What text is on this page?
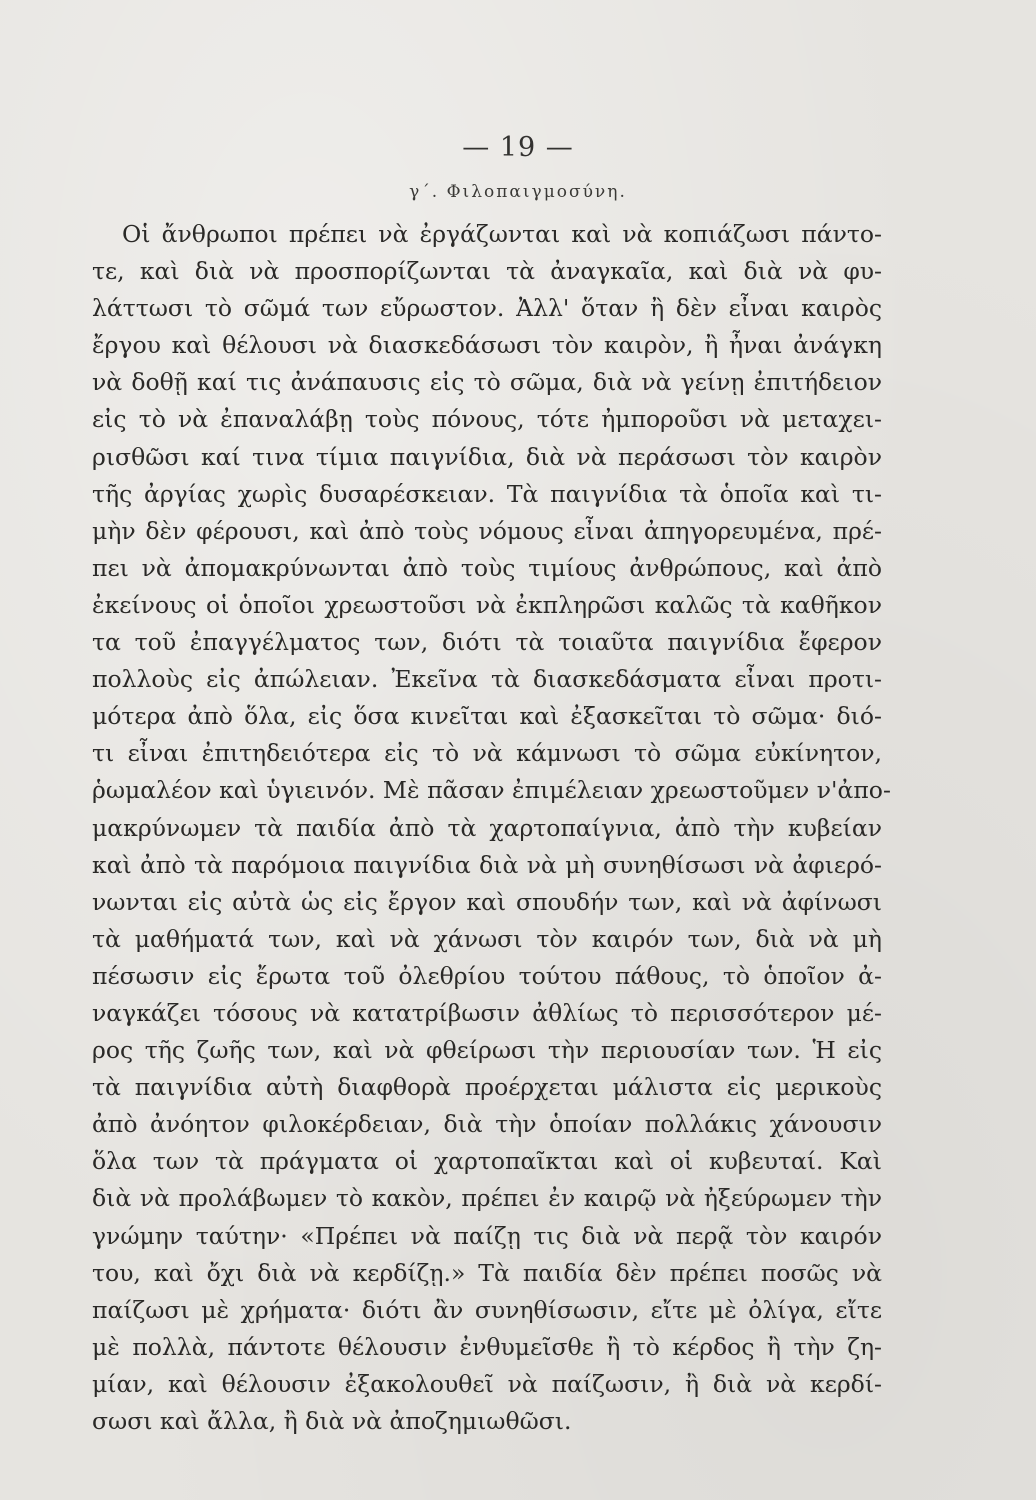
— 19 —
γ΄. Φιλοπαιγμοσύνη.
Οἱ ἄνθρωποι πρέπει νὰ ἐργάζωνται καὶ νὰ κοπιάζωσι πάντο-
τε, καὶ διὰ νὰ προσπορίζωνται τὰ ἀναγκαῖα, καὶ διὰ νὰ φυ-
λάττωσι τὸ σῶμά των εὔρωστον. Ἀλλ' ὅταν ἢ δὲν εἶναι καιρὸς
ἔργου καὶ θέλουσι νὰ διασκεδάσωσι τὸν καιρὸν, ἢ ἦναι ἀνάγκη
νὰ δοθῇ καί τις ἀνάπαυσις εἰς τὸ σῶμα, διὰ νὰ γείνῃ ἐπιτήδειον
εἰς τὸ νὰ ἐπαναλάβῃ τοὺς πόνους, τότε ἠμποροῦσι νὰ μεταχει-
ρισθῶσι καί τινα τίμια παιγνίδια, διὰ νὰ περάσωσι τὸν καιρὸν
τῆς ἀργίας χωρὶς δυσαρέσκειαν. Τὰ παιγνίδια τὰ ὁποῖα καὶ τι-
μὴν δὲν φέρουσι, καὶ ἀπὸ τοὺς νόμους εἶναι ἀπηγορευμένα, πρέ-
πει νὰ ἀπομακρύνωνται ἀπὸ τοὺς τιμίους ἀνθρώπους, καὶ ἀπὸ
ἐκείνους οἱ ὁποῖοι χρεωστοῦσι νὰ ἐκπληρῶσι καλῶς τὰ καθῆκον
τα τοῦ ἐπαγγέλματος των, διότι τὰ τοιαῦτα παιγνίδια ἔφερον
πολλοὺς εἰς ἀπώλειαν. Ἐκεῖνα τὰ διασκεδάσματα εἶναι προτι-
μότερα ἀπὸ ὅλα, εἰς ὅσα κινεῖται καὶ ἐξασκεῖται τὸ σῶμα· διό-
τι εἶναι ἐπιτηδειότερα εἰς τὸ νὰ κάμνωσι τὸ σῶμα εὐκίνητον,
ῥωμαλέον καὶ ὑγιεινόν. Μὲ πᾶσαν ἐπιμέλειαν χρεωστοῦμεν ν'ἀπο-
μακρύνωμεν τὰ παιδία ἀπὸ τὰ χαρτοπαίγνια, ἀπὸ τὴν κυβείαν
καὶ ἀπὸ τὰ παρόμοια παιγνίδια διὰ νὰ μὴ συνηθίσωσι νὰ ἀφιερό-
νωνται εἰς αὐτὰ ὡς εἰς ἔργον καὶ σπουδήν των, καὶ νὰ ἀφίνωσι
τὰ μαθήματά των, καὶ νὰ χάνωσι τὸν καιρόν των, διὰ νὰ μὴ
πέσωσιν εἰς ἔρωτα τοῦ ὀλεθρίου τούτου πάθους, τὸ ὁποῖον ἀ-
ναγκάζει τόσους νὰ κατατρίβωσιν ἀθλίως τὸ περισσότερον μέ-
ρος τῆς ζωῆς των, καὶ νὰ φθείρωσι τὴν περιουσίαν των. Ἡ εἰς
τὰ παιγνίδια αὐτὴ διαφθορὰ προέρχεται μάλιστα εἰς μερικοὺς
ἀπὸ ἀνόητον φιλοκέρδειαν, διὰ τὴν ὁποίαν πολλάκις χάνουσιν
ὅλα των τὰ πράγματα οἱ χαρτοπαῖκται καὶ οἱ κυβευταί. Καὶ
διὰ νὰ προλάβωμεν τὸ κακὸν, πρέπει ἐν καιρῷ νὰ ἠξεύρωμεν τὴν
γνώμην ταύτην· «Πρέπει νὰ παίζῃ τις διὰ νὰ περᾷ τὸν καιρόν
του, καὶ ὄχι διὰ νὰ κερδίζῃ.» Τὰ παιδία δὲν πρέπει ποσῶς νὰ
παίζωσι μὲ χρήματα· διότι ἂν συνηθίσωσιν, εἴτε μὲ ὀλίγα, εἴτε
μὲ πολλὰ, πάντοτε θέλουσιν ἐνθυμεῖσθε ἢ τὸ κέρδος ἢ τὴν ζη-
μίαν, καὶ θέλουσιν ἐξακολουθεῖ νὰ παίζωσιν, ἢ διὰ νὰ κερδί-
σωσι καὶ ἄλλα, ἢ διὰ νὰ ἀποζημιωθῶσι.
